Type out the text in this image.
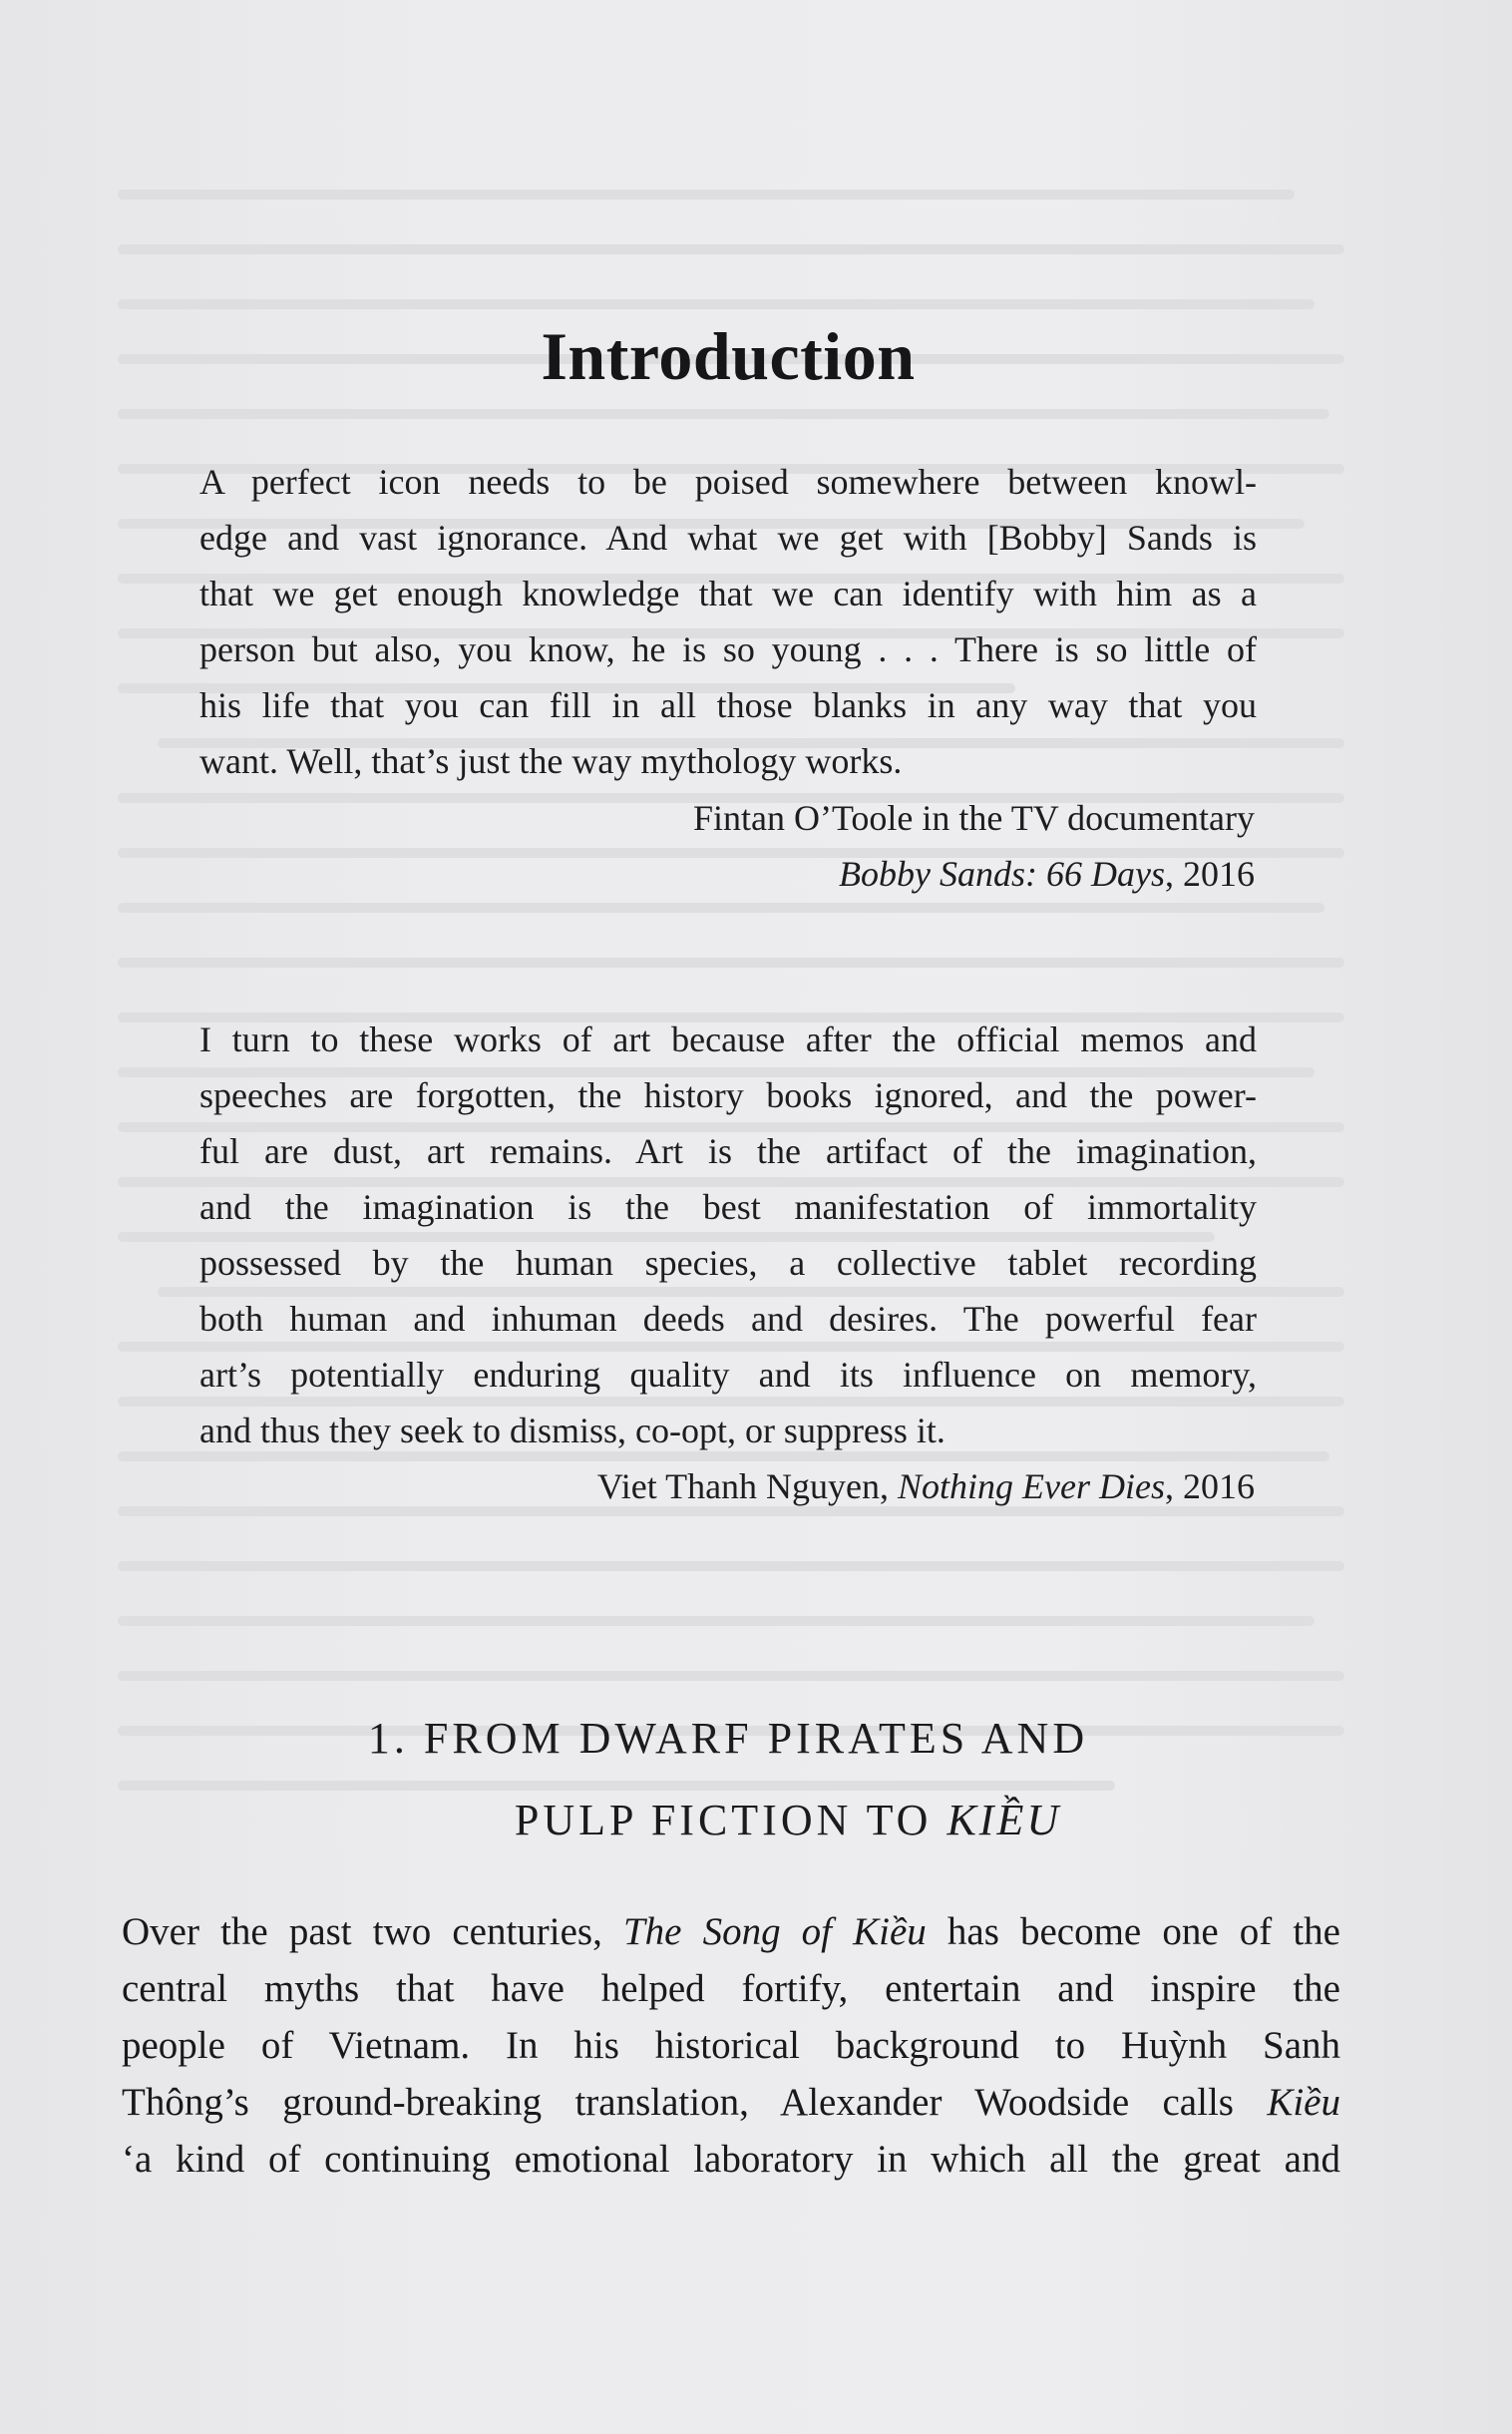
Introduction
A perfect icon needs to be poised somewhere between knowl-
edge and vast ignorance. And what we get with [Bobby] Sands is
that we get enough knowledge that we can identify with him as a
person but also, you know, he is so young . . . There is so little of
his life that you can fill in all those blanks in any way that you
want. Well, that’s just the way mythology works.
Fintan O’Toole in the TV documentary
Bobby Sands: 66 Days, 2016
I turn to these works of art because after the official memos and
speeches are forgotten, the history books ignored, and the power-
ful are dust, art remains. Art is the artifact of the imagination,
and the imagination is the best manifestation of immortality
possessed by the human species, a collective tablet recording
both human and inhuman deeds and desires. The powerful fear
art’s potentially enduring quality and its influence on memory,
and thus they seek to dismiss, co-opt, or suppress it.
Viet Thanh Nguyen, Nothing Ever Dies, 2016
1. FROM DWARF PIRATES AND
PULP FICTION TO KIỀU
Over the past two centuries, The Song of Kiều has become one of the
central myths that have helped fortify, entertain and inspire the
people of Vietnam. In his historical background to Huỳnh Sanh
Thông’s ground-breaking translation, Alexander Woodside calls Kiều
‘a kind of continuing emotional laboratory in which all the great and
